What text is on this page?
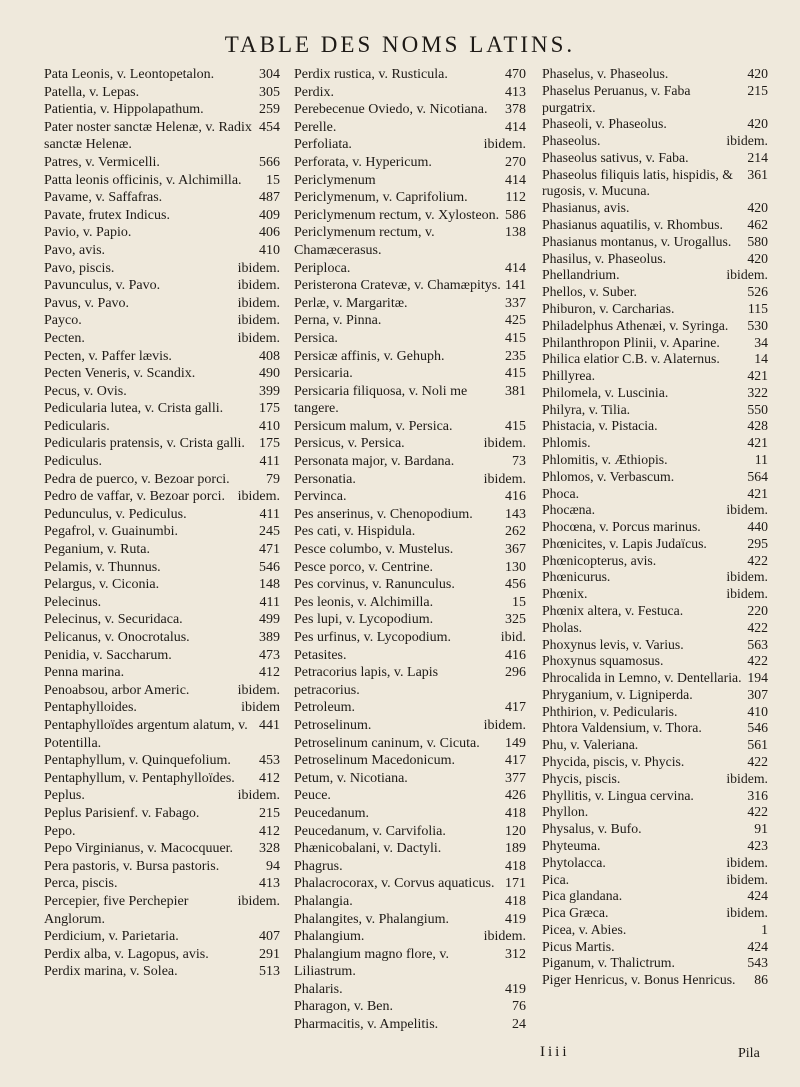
TABLE DES NOMS LATINS.
304
Pata Leonis, v. Leontopetalon.
305
Patella, v. Lepas.
259
Patientia, v. Hippolapathum.
454
Pater noster sanctæ Helenæ, v. Radix sanctæ Helenæ.
566
Patres, v. Vermicelli.
15
Patta leonis officinis, v. Alchimilla.
487
Pavame, v. Saffafras.
409
Pavate, frutex Indicus.
406
Pavio, v. Papio.
410
Pavo, avis.
ibidem.
Pavo, piscis.
ibidem.
Pavunculus, v. Pavo.
ibidem.
Pavus, v. Pavo.
ibidem.
Payco.
ibidem.
Pecten.
408
Pecten, v. Paffer lævis.
490
Pecten Veneris, v. Scandix.
399
Pecus, v. Ovis.
175
Pedicularia lutea, v. Crista galli.
410
Pedicularis.
175
Pedicularis pratensis, v. Crista galli.
411
Pediculus.
79
Pedra de puerco, v. Bezoar porci.
ibidem.
Pedro de vaffar, v. Bezoar porci.
411
Pedunculus, v. Pediculus.
245
Pegafrol, v. Guainumbi.
471
Peganium, v. Ruta.
546
Pelamis, v. Thunnus.
148
Pelargus, v. Ciconia.
411
Pelecinus.
499
Pelecinus, v. Securidaca.
389
Pelicanus, v. Onocrotalus.
473
Penidia, v. Saccharum.
412
Penna marina.
ibidem.
Penoabsou, arbor Americ.
ibidem
Pentaphylloides.
441
Pentaphylloïdes argentum alatum, v. Potentilla.
453
Pentaphyllum, v. Quinquefolium.
412
Pentaphyllum, v. Pentaphylloïdes.
ibidem.
Peplus.
215
Peplus Parisienf. v. Fabago.
412
Pepo.
328
Pepo Virginianus, v. Macocquuer.
94
Pera pastoris, v. Bursa pastoris.
413
Perca, piscis.
ibidem.
Percepier, five Perchepier Anglorum.
407
Perdicium, v. Parietaria.
291
Perdix alba, v. Lagopus, avis.
513
Perdix marina, v. Solea.
470
Perdix rustica, v. Rusticula.
413
Perdix.
378
Perebecenue Oviedo, v. Nicotiana.
414
Perelle.
ibidem.
Perfoliata.
270
Perforata, v. Hypericum.
414
Periclymenum
112
Periclymenum, v. Caprifolium.
586
Periclymenum rectum, v. Xylosteon.
138
Periclymenum rectum, v. Chamæcerasus.
414
Periploca.
141
Peristerona Cratevæ, v. Chamæpitys.
337
Perlæ, v. Margaritæ.
425
Perna, v. Pinna.
415
Persica.
235
Persicæ affinis, v. Gehuph.
415
Persicaria.
381
Persicaria filiquosa, v. Noli me tangere.
415
Persicum malum, v. Persica.
ibidem.
Persicus, v. Persica.
73
Personata major, v. Bardana.
ibidem.
Personatia.
416
Pervinca.
143
Pes anserinus, v. Chenopodium.
262
Pes cati, v. Hispidula.
367
Pesce columbo, v. Mustelus.
130
Pesce porco, v. Centrine.
456
Pes corvinus, v. Ranunculus.
15
Pes leonis, v. Alchimilla.
325
Pes lupi, v. Lycopodium.
ibid.
Pes urfinus, v. Lycopodium.
416
Petasites.
296
Petracorius lapis, v. Lapis petracorius.
417
Petroleum.
ibidem.
Petroselinum.
149
Petroselinum caninum, v. Cicuta.
417
Petroselinum Macedonicum.
377
Petum, v. Nicotiana.
426
Peuce.
418
Peucedanum.
120
Peucedanum, v. Carvifolia.
189
Phænicobalani, v. Dactyli.
418
Phagrus.
171
Phalacrocorax, v. Corvus aquaticus.
418
Phalangia.
419
Phalangites, v. Phalangium.
ibidem.
Phalangium.
312
Phalangium magno flore, v. Liliastrum.
419
Phalaris.
76
Pharagon, v. Ben.
24
Pharmacitis, v. Ampelitis.
420
Phaselus, v. Phaseolus.
215
Phaselus Peruanus, v. Faba purgatrix.
420
Phaseoli, v. Phaseolus.
ibidem.
Phaseolus.
214
Phaseolus sativus, v. Faba.
361
Phaseolus filiquis latis, hispidis, & rugosis, v. Mucuna.
420
Phasianus, avis.
462
Phasianus aquatilis, v. Rhombus.
580
Phasianus montanus, v. Urogallus.
420
Phasilus, v. Phaseolus.
ibidem.
Phellandrium.
526
Phellos, v. Suber.
115
Phiburon, v. Carcharias.
530
Philadelphus Athenæi, v. Syringa.
34
Philanthropon Plinii, v. Aparine.
14
Philica elatior C.B. v. Alaternus.
421
Phillyrea.
322
Philomela, v. Luscinia.
550
Philyra, v. Tilia.
428
Phistacia, v. Pistacia.
421
Phlomis.
11
Phlomitis, v. Æthiopis.
564
Phlomos, v. Verbascum.
421
Phoca.
ibidem.
Phocæna.
440
Phocœna, v. Porcus marinus.
295
Phœnicites, v. Lapis Judaïcus.
422
Phœnicopterus, avis.
ibidem.
Phœnicurus.
ibidem.
Phœnix.
220
Phœnix altera, v. Festuca.
422
Pholas.
563
Phoxynus levis, v. Varius.
422
Phoxynus squamosus.
194
Phrocalida in Lemno, v. Dentellaria.
307
Phryganium, v. Ligniperda.
410
Phthirion, v. Pedicularis.
546
Phtora Valdensium, v. Thora.
561
Phu, v. Valeriana.
422
Phycida, piscis, v. Phycis.
ibidem.
Phycis, piscis.
316
Phyllitis, v. Lingua cervina.
422
Phyllon.
91
Physalus, v. Bufo.
423
Phyteuma.
ibidem.
Phytolacca.
ibidem.
Pica.
424
Pica glandana.
ibidem.
Pica Græca.
1
Picea, v. Abies.
424
Picus Martis.
543
Piganum, v. Thalictrum.
86
Piger Henricus, v. Bonus Henricus.
Iiii	Pila
